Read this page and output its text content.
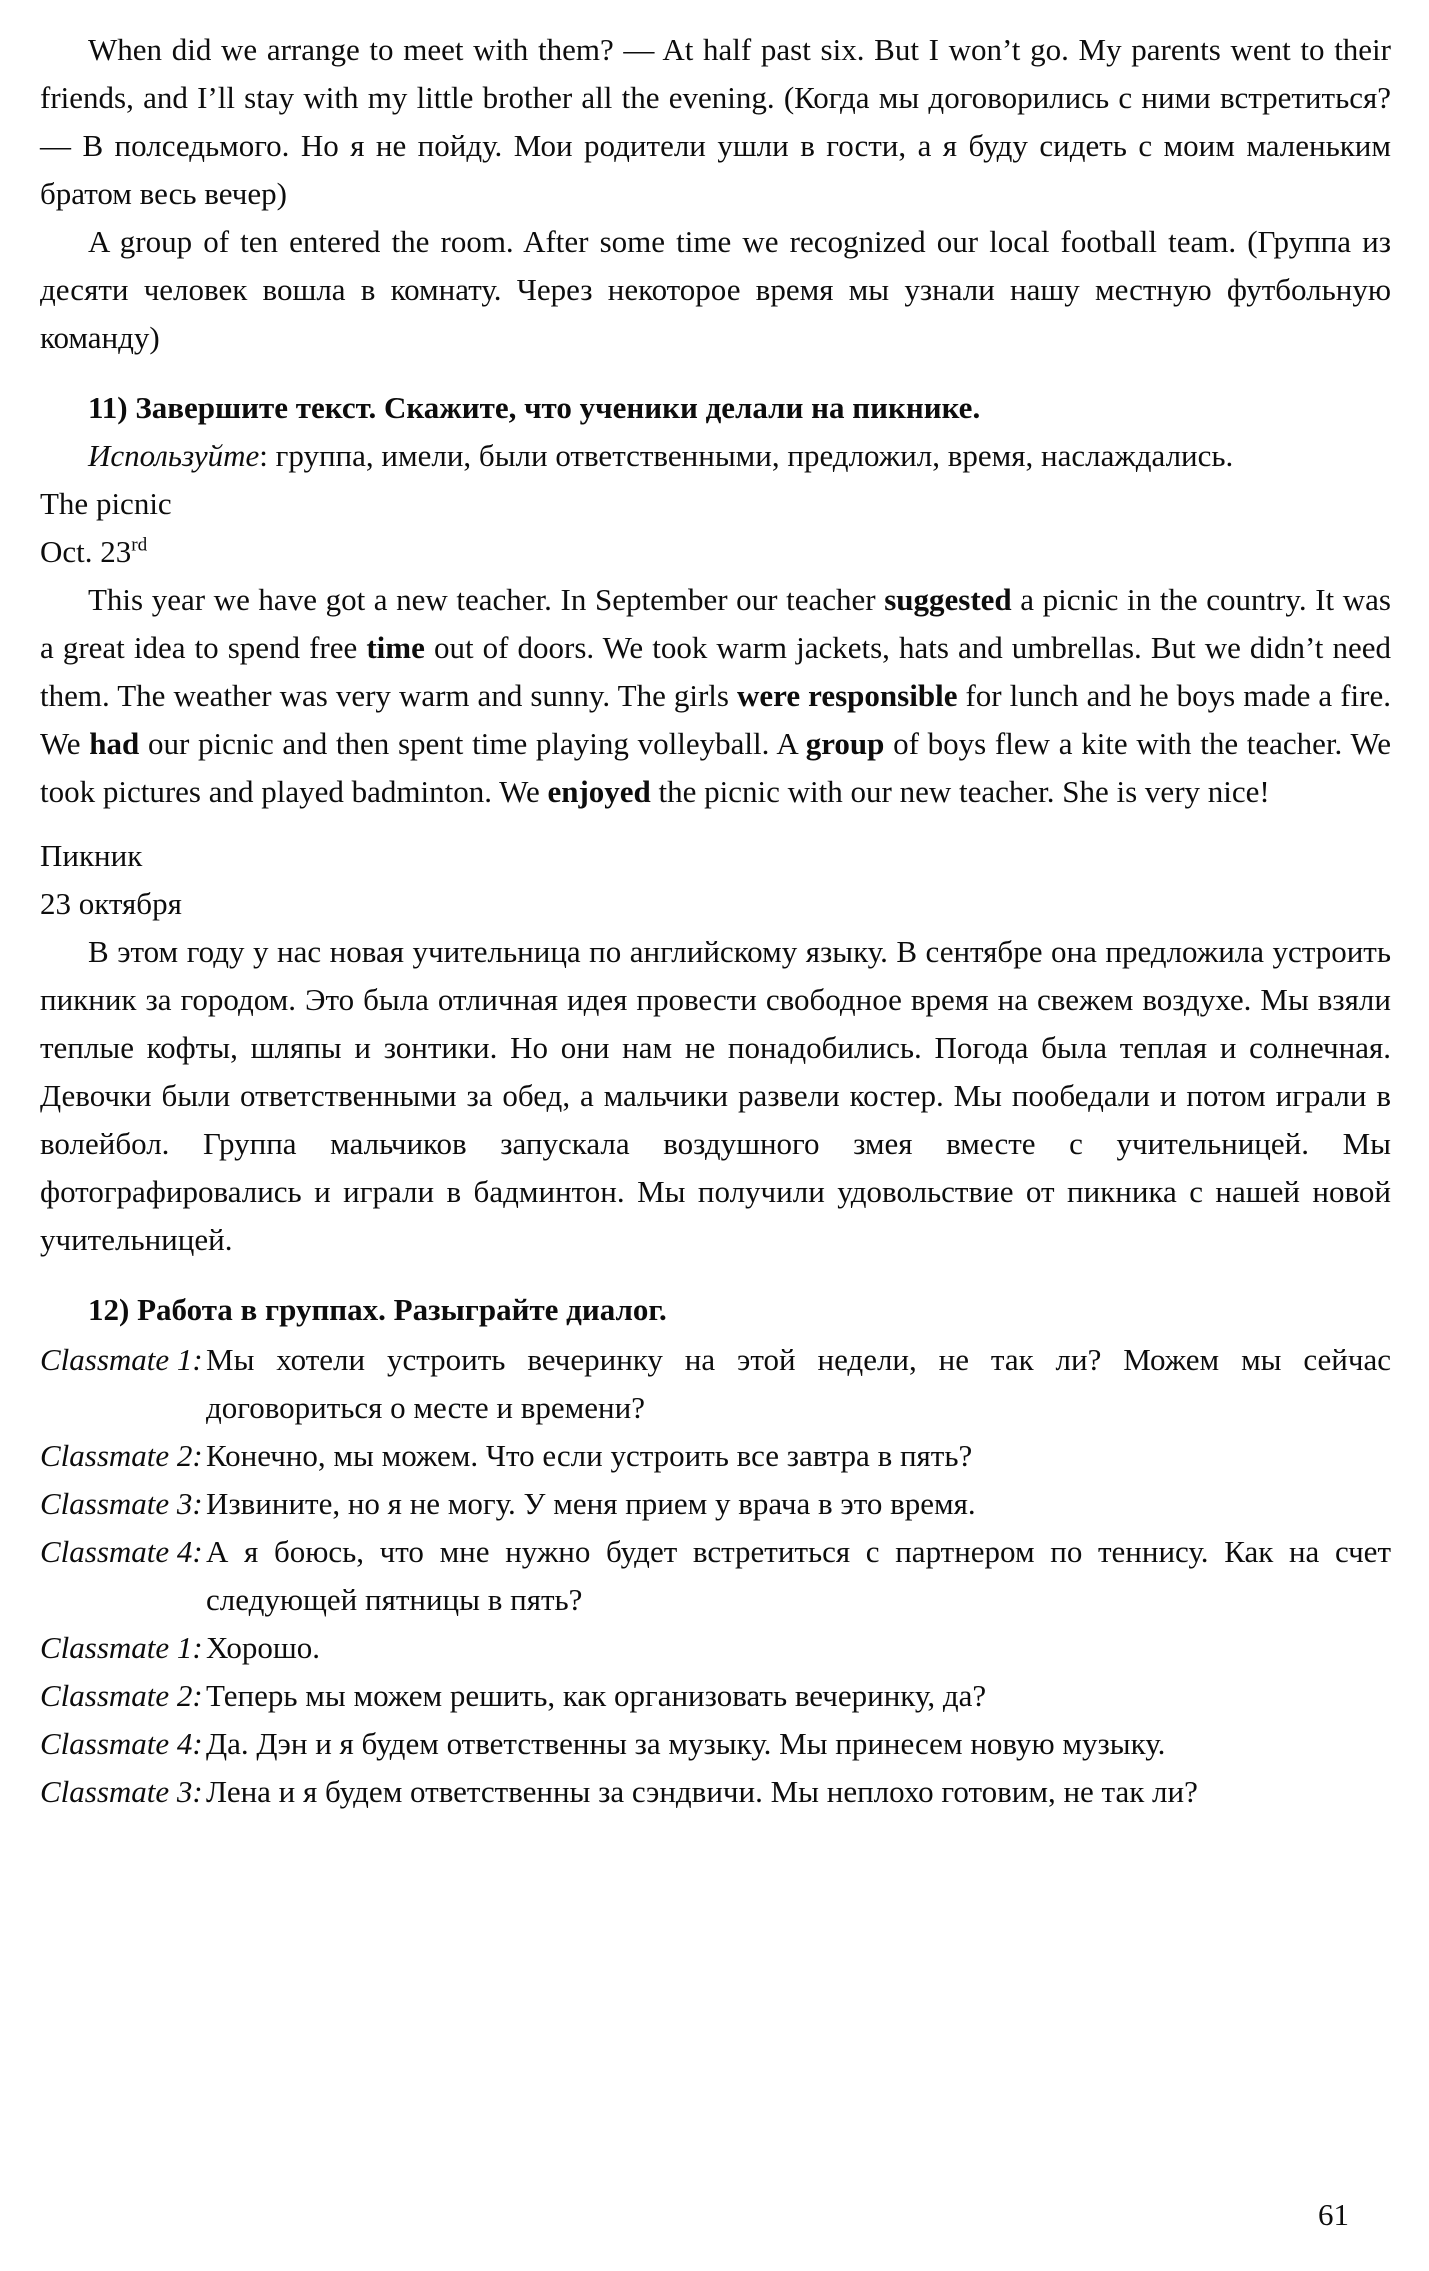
When did we arrange to meet with them? — At half past six. But I won’t go. My parents went to their friends, and I’ll stay with my little brother all the evening. (Когда мы договорились с ними встретиться? — В полседьмого. Но я не пойду. Мои родители ушли в гости, а я буду сидеть с моим маленьким братом весь вечер)

A group of ten entered the room. After some time we recognized our local football team. (Группа из десяти человек вошла в комнату. Через некоторое время мы узнали нашу местную футбольную команду)

11) Завершите текст. Скажите, что ученики делали на пикнике.

Используйте: группа, имели, были ответственными, предложил, время, наслаждались.

The picnic

Oct. 23rd

This year we have got a new teacher. In September our teacher suggested a picnic in the country. It was a great idea to spend free time out of doors. We took warm jackets, hats and umbrellas. But we didn’t need them. The weather was very warm and sunny. The girls were responsible for lunch and he boys made a fire. We had our picnic and then spent time playing volleyball. A group of boys flew a kite with the teacher. We took pictures and played badminton. We enjoyed the picnic with our new teacher. She is very nice!

Пикник

23 октября

В этом году у нас новая учительница по английскому языку. В сентябре она предложила устроить пикник за городом. Это была отличная идея провести свободное время на свежем воздухе. Мы взяли теплые кофты, шляпы и зонтики. Но они нам не понадобились. Погода была теплая и солнечная. Девочки были ответственными за обед, а мальчики развели костер. Мы пообедали и потом играли в волейбол. Группа мальчиков запускала воздушного змея вместе с учительницей. Мы фотографировались и играли в бадминтон. Мы получили удовольствие от пикника с нашей новой учительницей.

12) Работа в группах. Разыграйте диалог.

Classmate 1: Мы хотели устроить вечеринку на этой недели, не так ли? Можем мы сейчас договориться о месте и времени?
Classmate 2: Конечно, мы можем. Что если устроить все завтра в пять?
Classmate 3: Извините, но я не могу. У меня прием у врача в это время.
Classmate 4: А я боюсь, что мне нужно будет встретиться с партнером по теннису. Как на счет следующей пятницы в пять?
Classmate 1: Хорошо.
Classmate 2: Теперь мы можем решить, как организовать вечеринку, да?
Classmate 4: Да. Дэн и я будем ответственны за музыку. Мы принесем новую музыку.
Classmate 3: Лена и я будем ответственны за сэндвичи. Мы неплохо готовим, не так ли?
61
